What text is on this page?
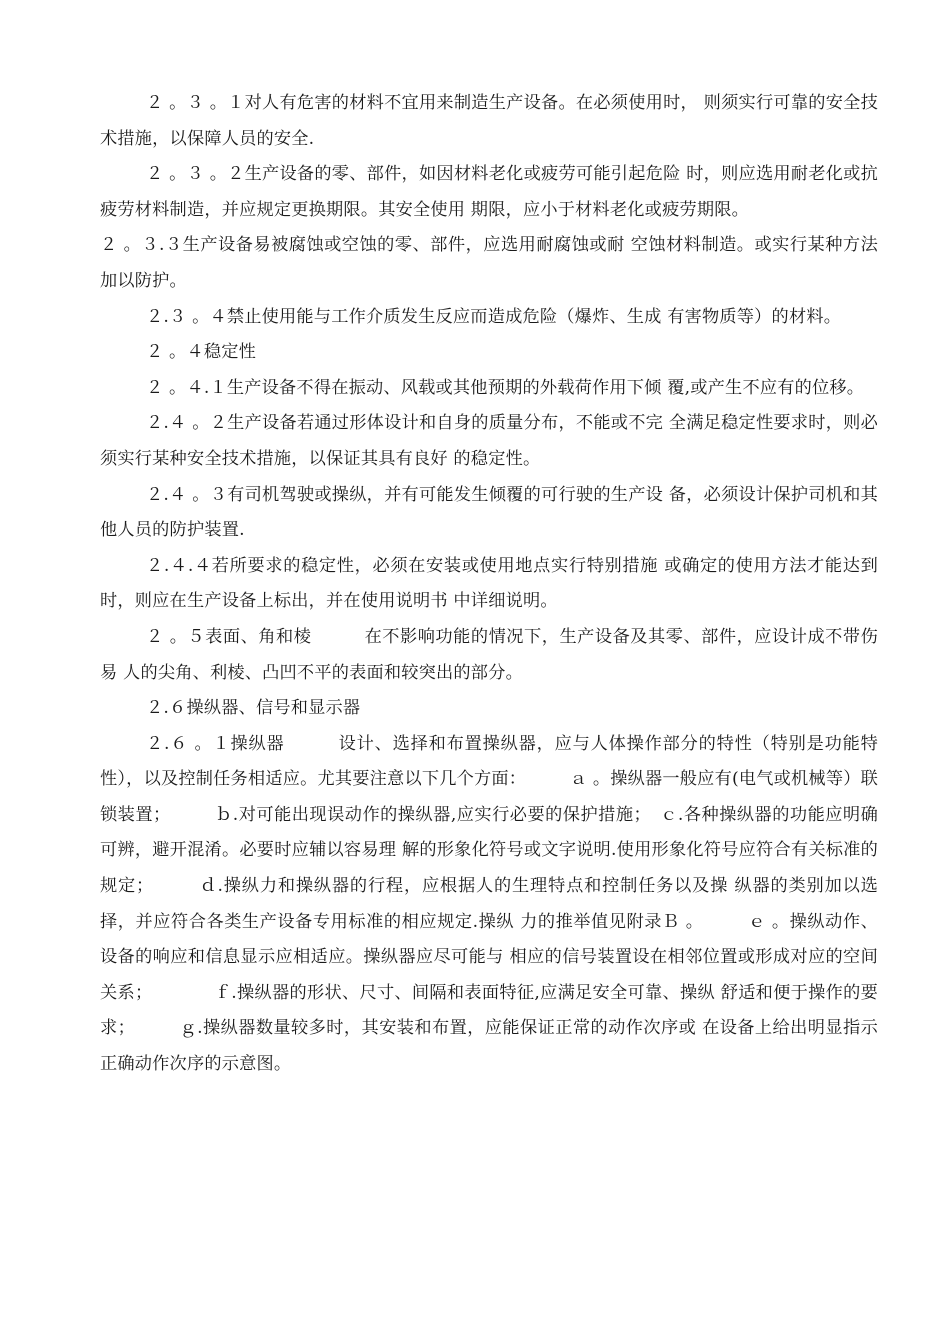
２ 。３ 。１对人有危害的材料不宜用来制造生产设备。在必须使用时， 则须实行可靠的安全技术措施，以保障人员的安全.

２ 。３ 。２生产设备的零、部件，如因材料老化或疲劳可能引起危险 时，则应选用耐老化或抗疲劳材料制造，并应规定更换期限。其安全使用 期限，应小于材料老化或疲劳期限。

２ 。３.３生产设备易被腐蚀或空蚀的零、部件，应选用耐腐蚀或耐 空蚀材料制造。或实行某种方法加以防护。

２.３ 。４禁止使用能与工作介质发生反应而造成危险（爆炸、生成 有害物质等）的材料。

２ 。４稳定性

２ 。４.１生产设备不得在振动、风载或其他预期的外载荷作用下倾 覆,或产生不应有的位移。

２.４ 。２生产设备若通过形体设计和自身的质量分布，不能或不完 全满足稳定性要求时，则必须实行某种安全技术措施，以保证其具有良好 的稳定性。

２.４ 。３有司机驾驶或操纵，并有可能发生倾覆的可行驶的生产设 备，必须设计保护司机和其他人员的防护装置.

２.４.４若所要求的稳定性，必须在安装或使用地点实行特别措施 或确定的使用方法才能达到时，则应在生产设备上标出，并在使用说明书 中详细说明。

２ 。５表面、角和棱　　　在不影响功能的情况下，生产设备及其零、部件，应设计成不带伤易 人的尖角、利棱、凸凹不平的表面和较突出的部分。

２.６操纵器、信号和显示器

２.６ 。１操纵器　　　设计、选择和布置操纵器，应与人体操作部分的特性（特别是功能特 性），以及控制任务相适应。尤其要注意以下几个方面：　　　ａ 。操纵器一般应有(电气或机械等）联锁装置；　　　ｂ.对可能出现误动作的操纵器,应实行必要的保护措施；　ｃ.各种操纵器的功能应明确可辨，避开混淆。必要时应辅以容易理 解的形象化符号或文字说明.使用形象化符号应符合有关标准的规定；　　　ｄ.操纵力和操纵器的行程，应根据人的生理特点和控制任务以及操 纵器的类别加以选择，并应符合各类生产设备专用标准的相应规定.操纵 力的推举值见附录Ｂ 。　　　ｅ 。操纵动作、设备的响应和信息显示应相适应。操纵器应尽可能与 相应的信号装置设在相邻位置或形成对应的空间关系；　　　　ｆ.操纵器的形状、尺寸、间隔和表面特征,应满足安全可靠、操纵 舒适和便于操作的要求；　　　ｇ.操纵器数量较多时，其安装和布置，应能保证正常的动作次序或 在设备上给出明显指示正确动作次序的示意图。
